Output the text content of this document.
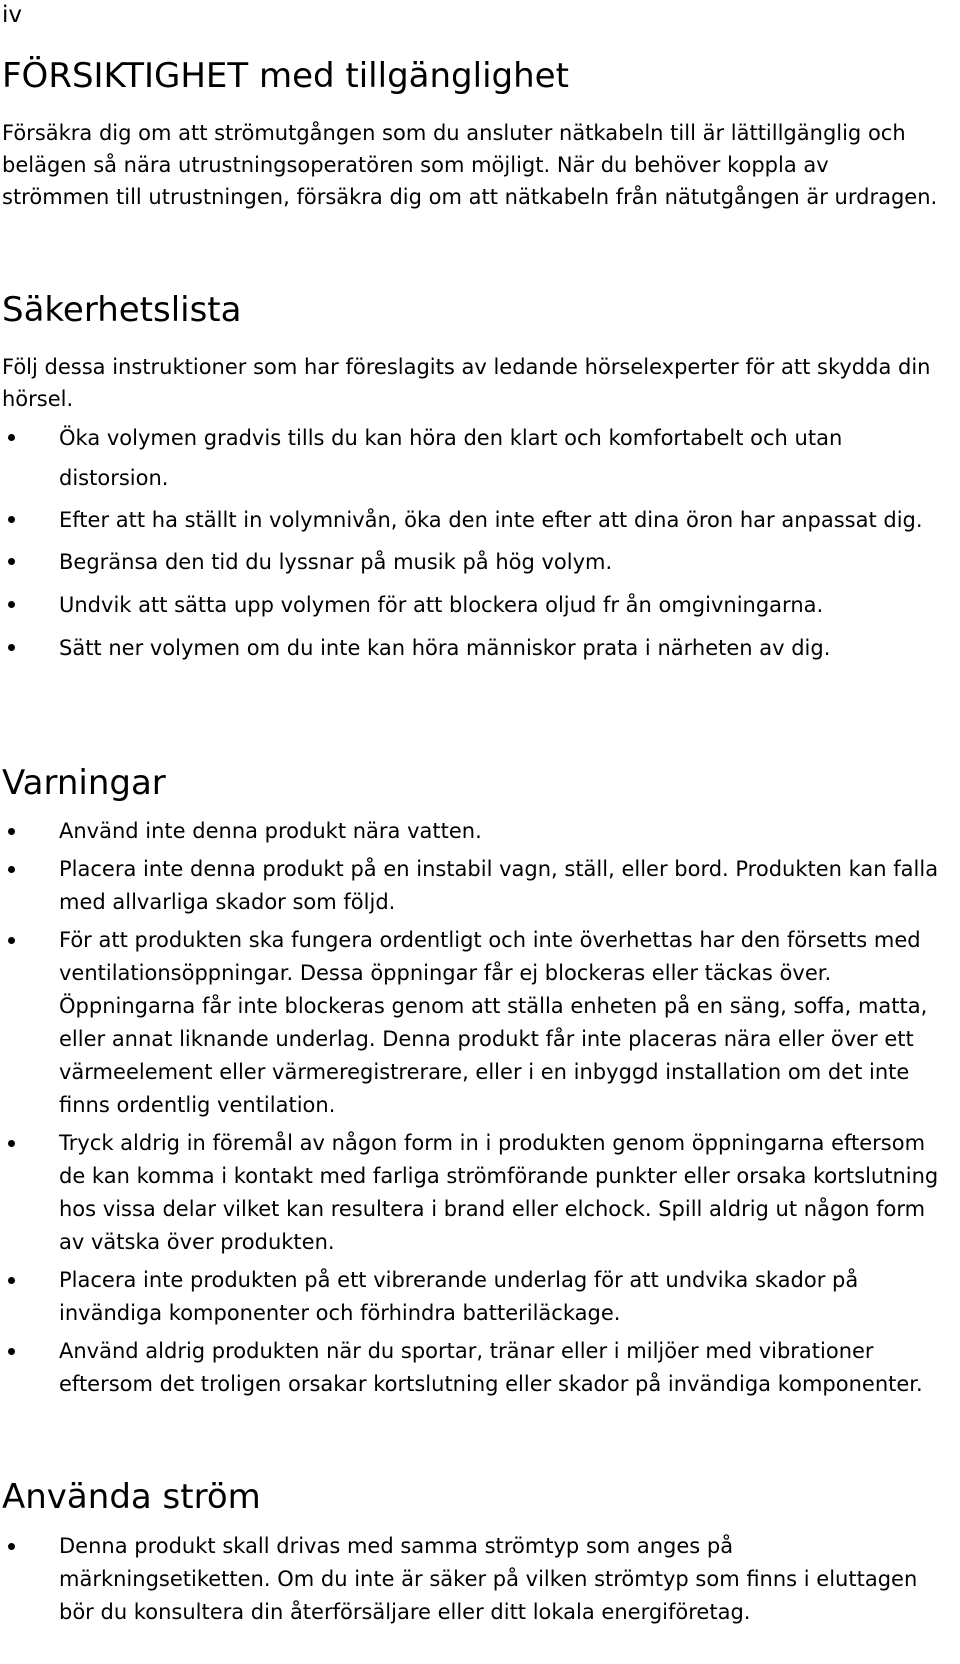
iv
FÖRSIKTIGHET med tillgänglighet

Försäkra dig om att strömutgången som du ansluter nätkabeln till är lättillgänglig och belägen så nära utrustningsoperatören som möjligt. När du behöver koppla av strömmen till utrustningen, försäkra dig om att nätkabeln från nätutgången är urdragen.

Säkerhetslista

Följ dessa instruktioner som har föreslagits av ledande hörselexperter för att skydda din hörsel.

Öka volymen gradvis tills du kan höra den klart och komfortabelt och utan distorsion.
Efter att ha ställt in volymnivån, öka den inte efter att dina öron har anpassat dig.
Begränsa den tid du lyssnar på musik på hög volym.
Undvik att sätta upp volymen för att blockera oljud fr ån omgivningarna.
Sätt ner volymen om du inte kan höra människor prata i närheten av dig.
Varningar
Använd inte denna produkt nära vatten.
Placera inte denna produkt på en instabil vagn, ställ, eller bord. Produkten kan falla med allvarliga skador som följd.
För att produkten ska fungera ordentligt och inte överhettas har den försetts med ventilationsöppningar. Dessa öppningar får ej blockeras eller täckas över. Öppningarna får inte blockeras genom att ställa enheten på en säng, soffa, matta, eller annat liknande underlag. Denna produkt får inte placeras nära eller över ett värmeelement eller värmeregistrerare, eller i en inbyggd installation om det inte finns ordentlig ventilation.
Tryck aldrig in föremål av någon form in i produkten genom öppningarna eftersom de kan komma i kontakt med farliga strömförande punkter eller orsaka kortslutning hos vissa delar vilket kan resultera i brand eller elchock. Spill aldrig ut någon form av vätska över produkten.
Placera inte produkten på ett vibrerande underlag för att undvika skador på invändiga komponenter och förhindra batteriläckage.
Använd aldrig produkten när du sportar, tränar eller i miljöer med vibrationer eftersom det troligen orsakar kortslutning eller skador på invändiga komponenter.
Använda ström
Denna produkt skall drivas med samma strömtyp som anges på märkningsetiketten. Om du inte är säker på vilken strömtyp som finns i eluttagen bör du konsultera din återförsäljare eller ditt lokala energiföretag.
